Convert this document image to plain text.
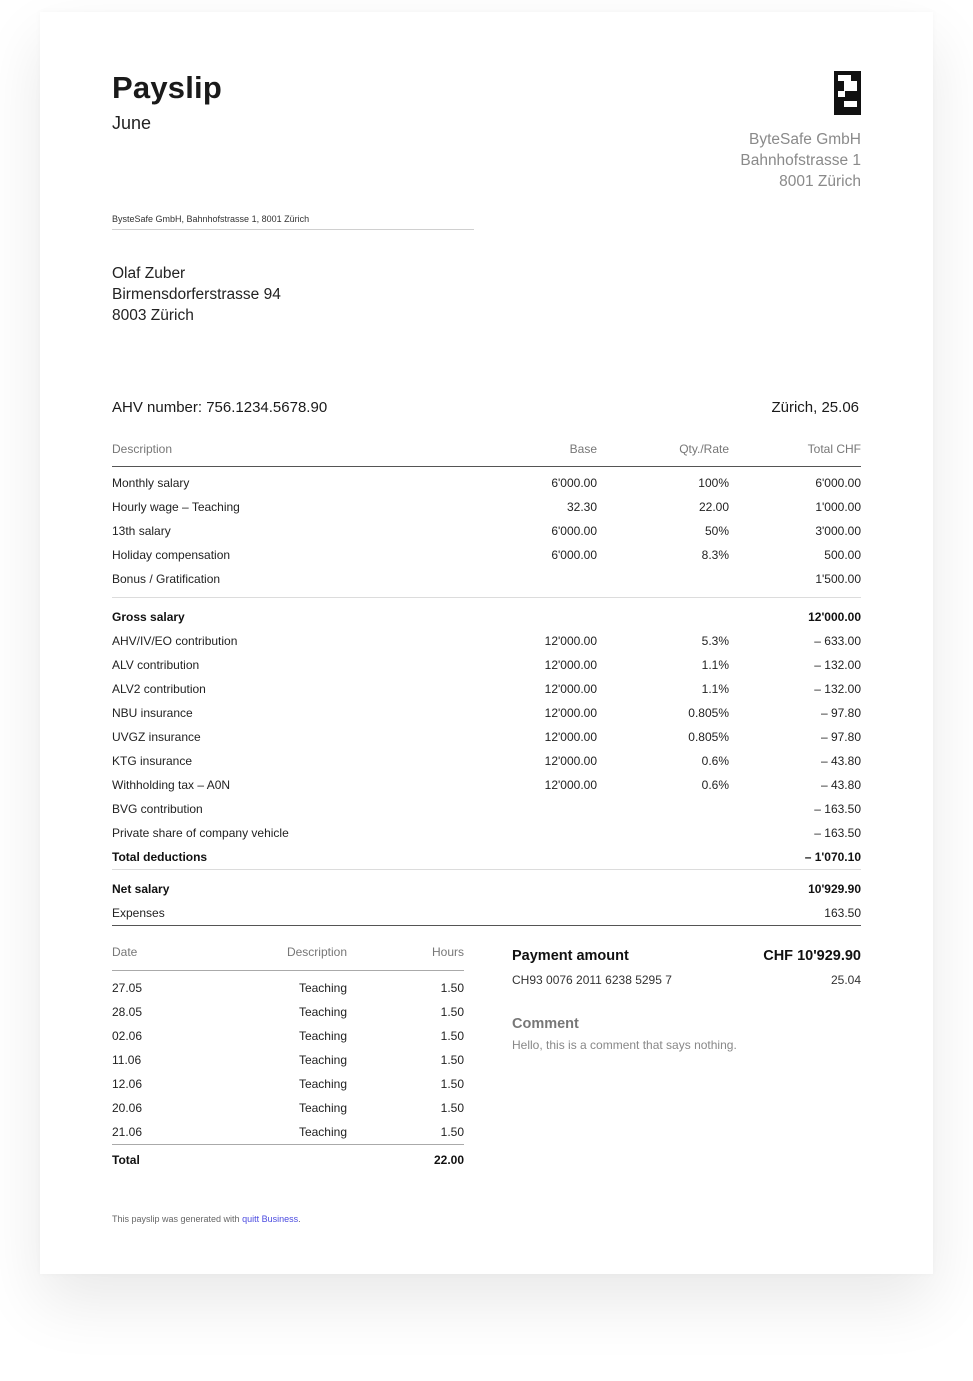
Payslip
June
ByteSafe GmbH
Bahnhofstrasse 1
8001 Zürich
BysteSafe GmbH, Bahnhofstrasse 1, 8001 Zürich
Olaf Zuber
Birmensdorferstrasse 94
8003 Zürich
AHV number: 756.1234.5678.90	Zürich, 25.06
Description	Base	Qty./Rate	Total CHF
Monthly salary	6'000.00	100%	6'000.00
Hourly wage – Teaching	32.30	22.00	1'000.00
13th salary	6'000.00	50%	3'000.00
Holiday compensation	6'000.00	8.3%	500.00
Bonus / Gratification			1'500.00

Gross salary			12'000.00
AHV/IV/EO contribution	12'000.00	5.3%	– 633.00
ALV contribution	12'000.00	1.1%	– 132.00
ALV2 contribution	12'000.00	1.1%	– 132.00
NBU insurance	12'000.00	0.805%	– 97.80
UVGZ insurance	12'000.00	0.805%	– 97.80
KTG insurance	12'000.00	0.6%	– 43.80
Withholding tax – A0N	12'000.00	0.6%	– 43.80
BVG contribution			– 163.50
Private share of company vehicle			– 163.50
Total deductions			– 1'070.10
Net salary			10'929.90
Expenses			163.50
Date	Description	Hours
27.05	Teaching	1.50
28.05	Teaching	1.50
02.06	Teaching	1.50
11.06	Teaching	1.50
12.06	Teaching	1.50
20.06	Teaching	1.50
21.06	Teaching	1.50
Total		22.00
Payment amount	CHF 10'929.90
CH93 0076 2011 6238 5295 7	25.04
Comment
Hello, this is a comment that says nothing.
This payslip was generated with quitt Business.
